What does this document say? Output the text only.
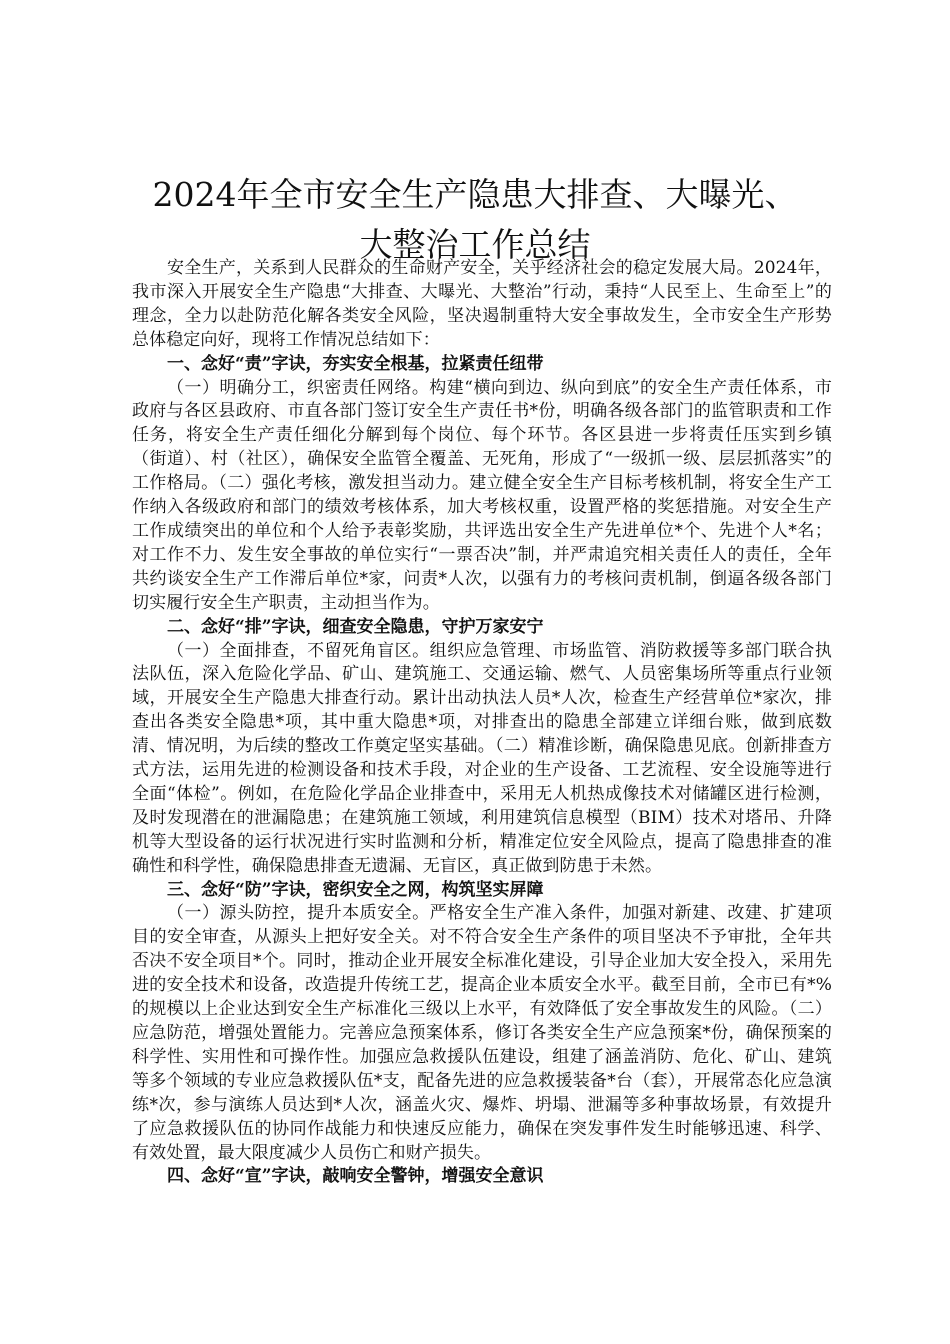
2024年全市安全生产隐患大排查、大曝光、
大整治工作总结

安全生产，关系到人民群众的生命财产安全，关乎经济社会的稳定发展大局。2024年，我市深入开展安全生产隐患“大排查、大曝光、大整治”行动，秉持“人民至上、生命至上”的理念，全力以赴防范化解各类安全风险，坚决遏制重特大安全事故发生，全市安全生产形势总体稳定向好，现将工作情况总结如下：

一、念好“责”字诀，夯实安全根基，拉紧责任纽带

（一）明确分工，织密责任网络。构建“横向到边、纵向到底”的安全生产责任体系，市政府与各区县政府、市直各部门签订安全生产责任书*份，明确各级各部门的监管职责和工作任务，将安全生产责任细化分解到每个岗位、每个环节。各区县进一步将责任压实到乡镇（街道）、村（社区），确保安全监管全覆盖、无死角，形成了“一级抓一级、层层抓落实”的工作格局。（二）强化考核，激发担当动力。建立健全安全生产目标考核机制，将安全生产工作纳入各级政府和部门的绩效考核体系，加大考核权重，设置严格的奖惩措施。对安全生产工作成绩突出的单位和个人给予表彰奖励，共评选出安全生产先进单位*个、先进个人*名；对工作不力、发生安全事故的单位实行“一票否决”制，并严肃追究相关责任人的责任，全年共约谈安全生产工作滞后单位*家，问责*人次，以强有力的考核问责机制，倒逼各级各部门切实履行安全生产职责，主动担当作为。

二、念好“排”字诀，细查安全隐患，守护万家安宁

（一）全面排查，不留死角盲区。组织应急管理、市场监管、消防救援等多部门联合执法队伍，深入危险化学品、矿山、建筑施工、交通运输、燃气、人员密集场所等重点行业领域，开展安全生产隐患大排查行动。累计出动执法人员*人次，检查生产经营单位*家次，排查出各类安全隐患*项，其中重大隐患*项，对排查出的隐患全部建立详细台账，做到底数清、情况明，为后续的整改工作奠定坚实基础。（二）精准诊断，确保隐患见底。创新排查方式方法，运用先进的检测设备和技术手段，对企业的生产设备、工艺流程、安全设施等进行全面“体检”。例如，在危险化学品企业排查中，采用无人机热成像技术对储罐区进行检测，及时发现潜在的泄漏隐患；在建筑施工领域，利用建筑信息模型（BIM）技术对塔吊、升降机等大型设备的运行状况进行实时监测和分析，精准定位安全风险点，提高了隐患排查的准确性和科学性，确保隐患排查无遗漏、无盲区，真正做到防患于未然。

三、念好“防”字诀，密织安全之网，构筑坚实屏障

（一）源头防控，提升本质安全。严格安全生产准入条件，加强对新建、改建、扩建项目的安全审查，从源头上把好安全关。对不符合安全生产条件的项目坚决不予审批，全年共否决不安全项目*个。同时，推动企业开展安全标准化建设，引导企业加大安全投入，采用先进的安全技术和设备，改造提升传统工艺，提高企业本质安全水平。截至目前，全市已有*%的规模以上企业达到安全生产标准化三级以上水平，有效降低了安全事故发生的风险。（二）应急防范，增强处置能力。完善应急预案体系，修订各类安全生产应急预案*份，确保预案的科学性、实用性和可操作性。加强应急救援队伍建设，组建了涵盖消防、危化、矿山、建筑等多个领域的专业应急救援队伍*支，配备先进的应急救援装备*台（套），开展常态化应急演练*次，参与演练人员达到*人次，涵盖火灾、爆炸、坍塌、泄漏等多种事故场景，有效提升了应急救援队伍的协同作战能力和快速反应能力，确保在突发事件发生时能够迅速、科学、有效处置，最大限度减少人员伤亡和财产损失。

四、念好“宣”字诀，敲响安全警钟，增强安全意识
